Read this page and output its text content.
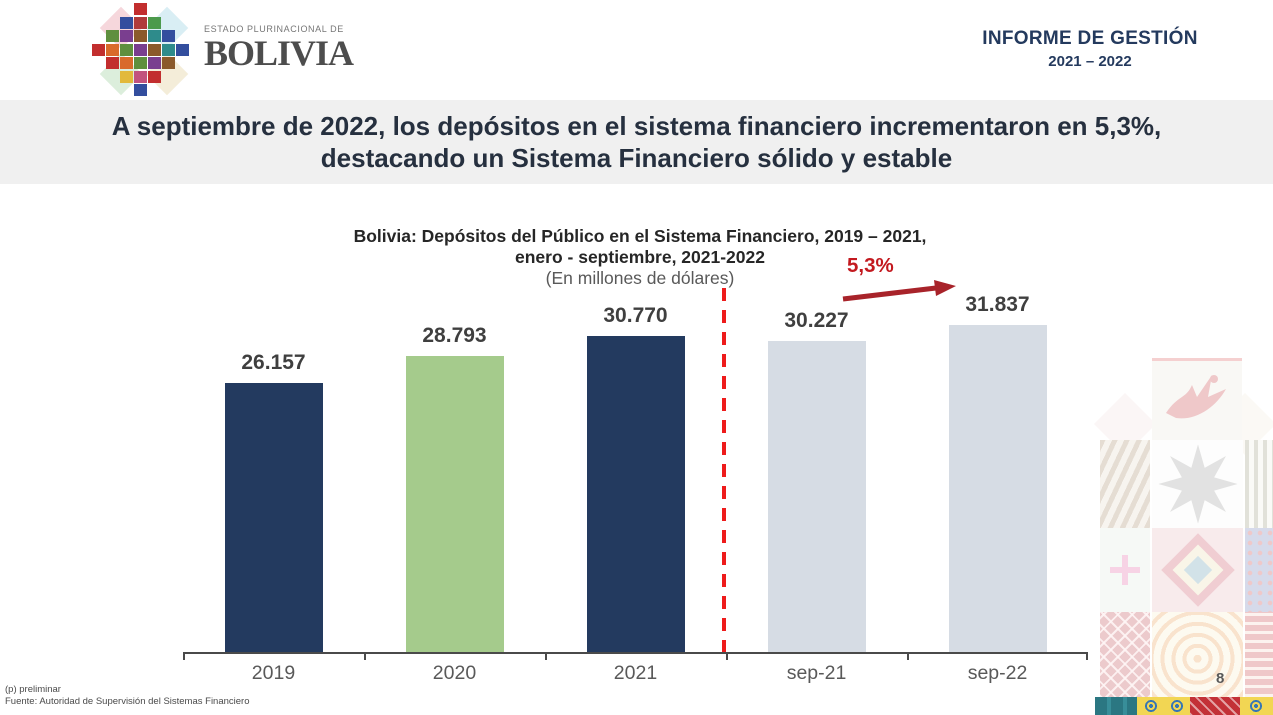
ESTADO PLURINACIONAL DE
BOLIVIA	INFORME DE GESTIÓN
2021 – 2022
A septiembre de 2022, los depósitos en el sistema financiero incrementaron en 5,3%,
destacando un Sistema Financiero sólido y estable
Bolivia: Depósitos del Público en el Sistema Financiero, 2019 – 2021,
enero - septiembre, 2021-2022
(En millones de dólares)
26.157
2019
28.793
2020
30.770
2021
30.227
sep-21
31.837
sep-22
5,3%
(p) preliminar
Fuente: Autoridad de Supervisión del Sistemas Financiero
8
